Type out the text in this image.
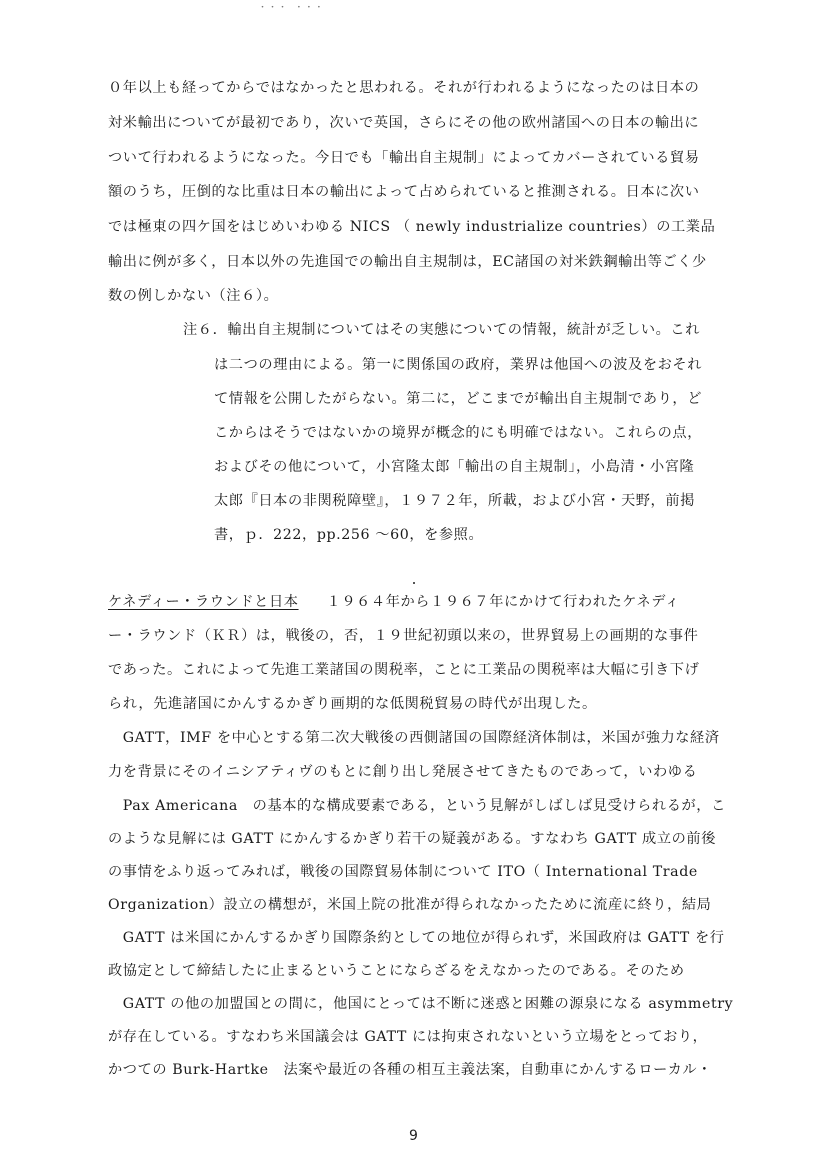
・・・ ・・・
０年以上も経ってからではなかったと思われる。それが行われるようになったのは日本の
対米輸出についてが最初であり，次いで英国，さらにその他の欧州諸国への日本の輸出に
ついて行われるようになった。今日でも「輸出自主規制」によってカバーされている貿易
額のうち，圧倒的な比重は日本の輸出によって占められていると推測される。日本に次い
では極東の四ケ国をはじめいわゆる NICS （ newly industrialize countries）の工業品
輸出に例が多く，日本以外の先進国での輸出自主規制は，EC諸国の対米鉄鋼輸出等ごく少
数の例しかない（注６）。
注６．輸出自主規制についてはその実態についての情報，統計が乏しい。これ
は二つの理由による。第一に関係国の政府，業界は他国への波及をおそれ
て情報を公開したがらない。第二に，どこまでが輸出自主規制であり，ど
こからはそうではないかの境界が概念的にも明確ではない。これらの点，
およびその他について，小宮隆太郎「輸出の自主規制」，小島清・小宮隆
太郎『日本の非関税障壁』，１９７２年，所載，および小宮・天野，前掲
書，ｐ．222，pp.256 ～60，を参照。
ケネディー・ラウンドと日本 １９６４年から１９６７年にかけて行われたケネディ
ー・ラウンド（ＫＲ）は，戦後の，否，１９世紀初頭以来の，世界貿易上の画期的な事件
であった。これによって先進工業諸国の関税率，ことに工業品の関税率は大幅に引き下げ
られ，先進諸国にかんするかぎり画期的な低関税貿易の時代が出現した。
　GATT，IMF を中心とする第二次大戦後の西側諸国の国際経済体制は，米国が強力な経済
力を背景にそのイニシアティヴのもとに創り出し発展させてきたものであって，いわゆる
　Pax Americana　の基本的な構成要素である，という見解がしばしば見受けられるが，こ
のような見解には GATT にかんするかぎり若干の疑義がある。すなわち GATT 成立の前後
の事情をふり返ってみれば，戦後の国際貿易体制について ITO（ International Trade
Organization）設立の構想が，米国上院の批准が得られなかったために流産に終り，結局
　GATT は米国にかんするかぎり国際条約としての地位が得られず，米国政府は GATT を行
政協定として締結したに止まるということにならざるをえなかったのである。そのため
　GATT の他の加盟国との間に，他国にとっては不断に迷惑と困難の源泉になる asymmetry
が存在している。すなわち米国議会は GATT には拘束されないという立場をとっており，
かつての Burk-Hartke　法案や最近の各種の相互主義法案，自動車にかんするローカル・
9
